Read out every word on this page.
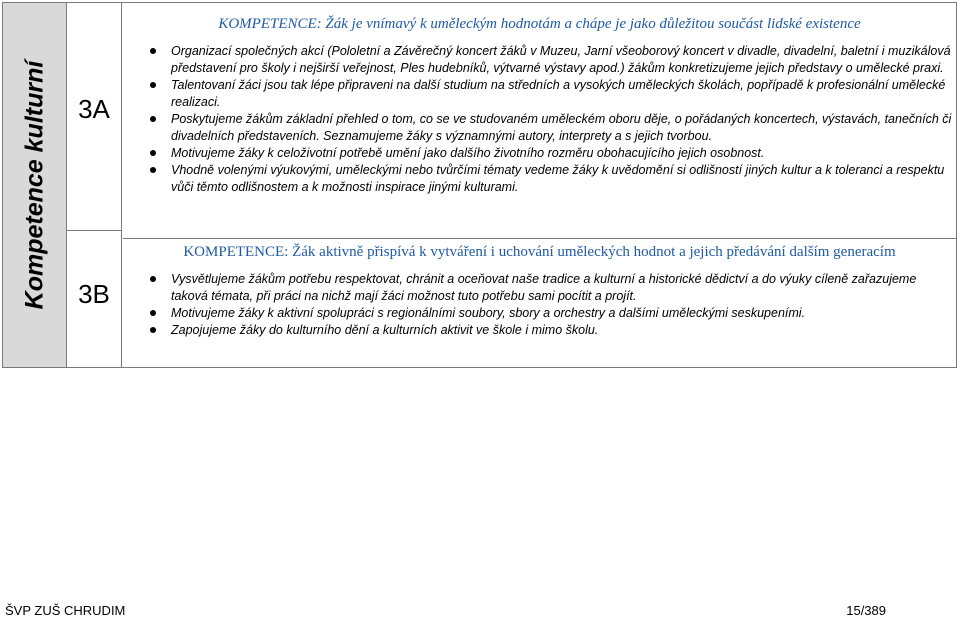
Kompetence kulturní	3A
3B
KOMPETENCE: Žák je vnímavý k uměleckým hodnotám a chápe je jako důležitou součást lidské existence
Organizací společných akcí (Pololetní a Závěrečný koncert žáků v Muzeu, Jarní všeoborový koncert v divadle, divadelní, baletní i muzikálová představení pro školy i nejširší veřejnost, Ples hudebníků, výtvarné výstavy apod.) žákům konkretizujeme jejich představy o umělecké praxi.
Talentovaní žáci jsou tak lépe připraveni na další studium na středních a vysokých uměleckých školách, popřípadě k profesionální umělecké realizaci.
Poskytujeme žákům základní přehled o tom, co se ve studovaném uměleckém oboru děje, o pořádaných koncertech, výstavách, tanečních či divadelních představeních. Seznamujeme žáky s významnými autory, interprety a s jejich tvorbou.
Motivujeme žáky k celoživotní potřebě umění jako dalšího životního rozměru obohacujícího jejich osobnost.
Vhodně volenými výukovými, uměleckými nebo tvůrčími tématy vedeme žáky k uvědomění si odlišností jiných kultur a k toleranci a respektu vůči těmto odlišnostem a k možnosti inspirace jinými kulturami.
KOMPETENCE: Žák aktivně přispívá k vytváření i uchování uměleckých hodnot a jejich předávání dalším generacím
Vysvětlujeme žákům potřebu respektovat, chránit a oceňovat naše tradice a kulturní a historické dědictví a do výuky cíleně zařazujeme taková témata, při práci na nichž mají žáci možnost tuto potřebu sami pocítit a projít.
Motivujeme žáky k aktivní spolupráci s regionálními soubory, sbory a orchestry a dalšími uměleckými seskupeními.
Zapojujeme žáky do kulturního dění a kulturních aktivit ve škole i mimo školu.
ŠVP ZUŠ CHRUDIM	15/389
